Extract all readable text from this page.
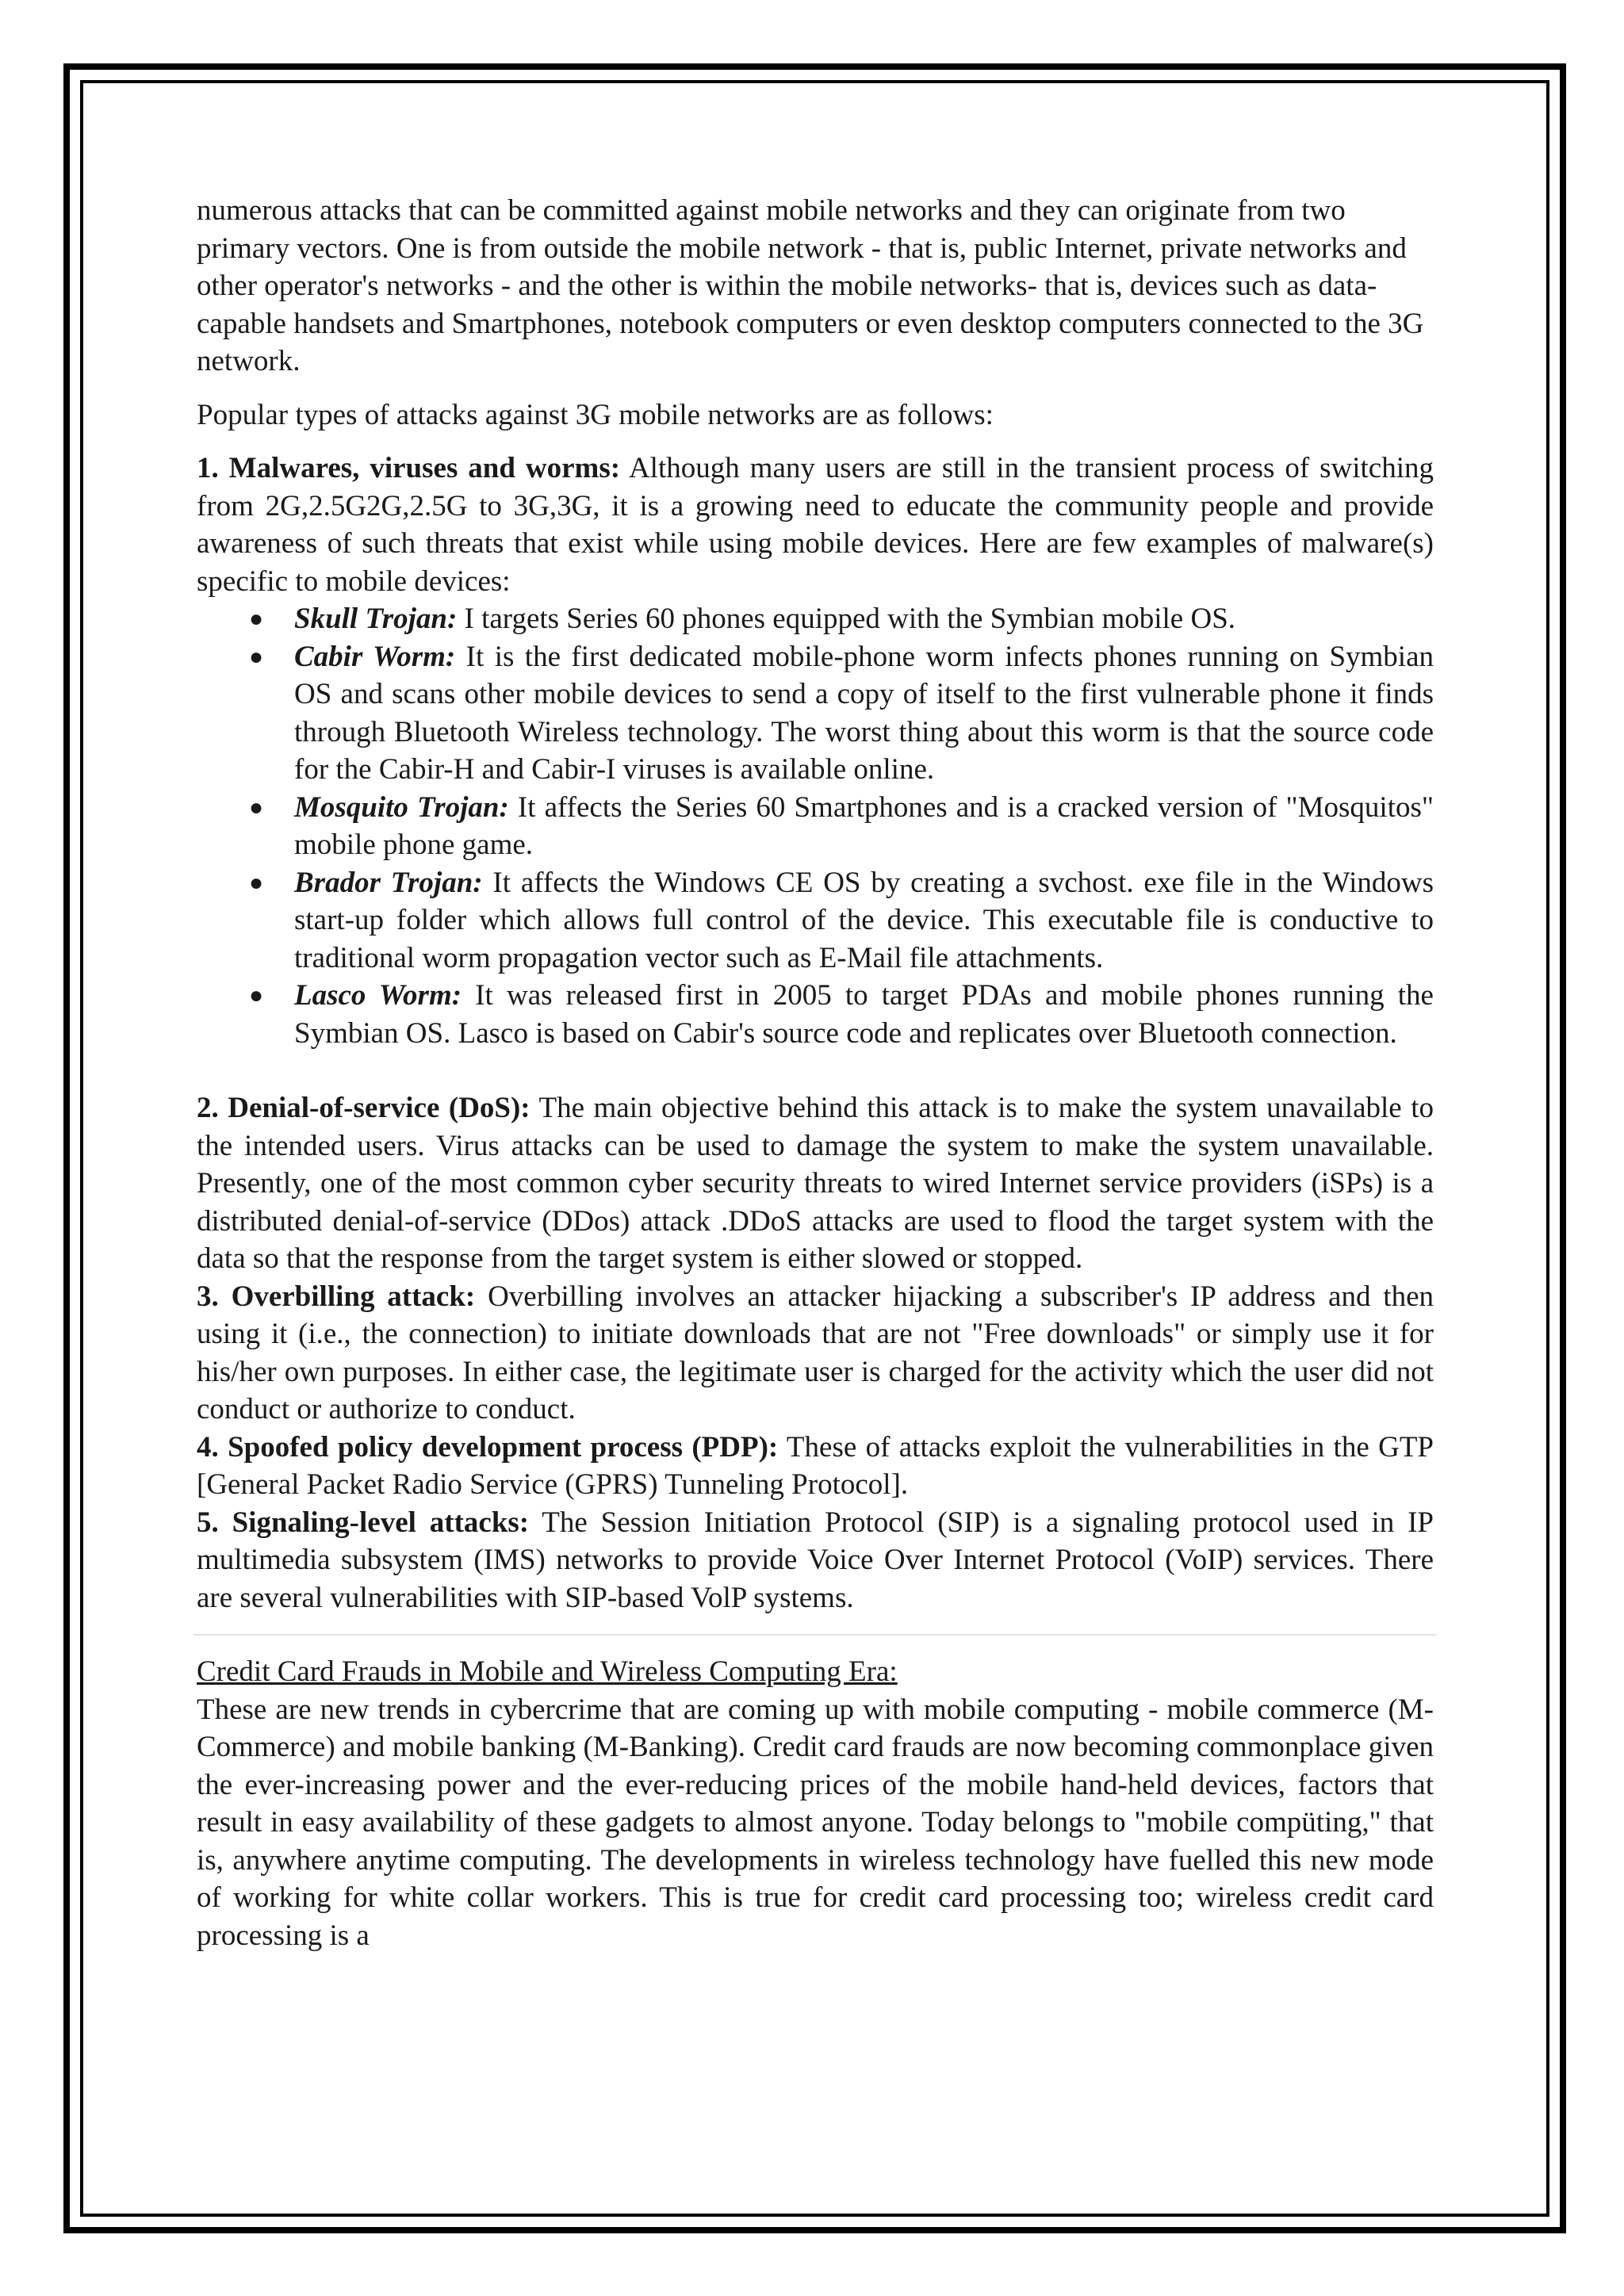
numerous attacks that can be committed against mobile networks and they can originate from two primary vectors. One is from outside the mobile network - that is, public Internet, private networks and other operator's networks - and the other is within the mobile networks- that is, devices such as data-capable handsets and Smartphones, notebook computers or even desktop computers connected to the 3G network.

Popular types of attacks against 3G mobile networks are as follows:

1. Malwares, viruses and worms: Although many users are still in the transient process of switching from 2G,2.5G2G,2.5G to 3G,3G, it is a growing need to educate the community people and provide awareness of such threats that exist while using mobile devices. Here are few examples of malware(s) specific to mobile devices:

● Skull Trojan: I targets Series 60 phones equipped with the Symbian mobile OS.
● Cabir Worm: It is the first dedicated mobile-phone worm infects phones running on Symbian OS and scans other mobile devices to send a copy of itself to the first vulnerable phone it finds through Bluetooth Wireless technology. The worst thing about this worm is that the source code for the Cabir-H and Cabir-I viruses is available online.
● Mosquito Trojan: It affects the Series 60 Smartphones and is a cracked version of "Mosquitos" mobile phone game.
● Brador Trojan: It affects the Windows CE OS by creating a svchost. exe file in the Windows start-up folder which allows full control of the device. This executable file is conductive to traditional worm propagation vector such as E-Mail file attachments.
● Lasco Worm: It was released first in 2005 to target PDAs and mobile phones running the Symbian OS. Lasco is based on Cabir's source code and replicates over Bluetooth connection.

2. Denial-of-service (DoS): The main objective behind this attack is to make the system unavailable to the intended users. Virus attacks can be used to damage the system to make the system unavailable. Presently, one of the most common cyber security threats to wired Internet service providers (iSPs) is a distributed denial-of-service (DDos) attack .DDoS attacks are used to flood the target system with the data so that the response from the target system is either slowed or stopped.

3. Overbilling attack: Overbilling involves an attacker hijacking a subscriber's IP address and then using it (i.e., the connection) to initiate downloads that are not "Free downloads" or simply use it for his/her own purposes. In either case, the legitimate user is charged for the activity which the user did not conduct or authorize to conduct.

4. Spoofed policy development process (PDP): These of attacks exploit the vulnerabilities in the GTP [General Packet Radio Service (GPRS) Tunneling Protocol].

5. Signaling-level attacks: The Session Initiation Protocol (SIP) is a signaling protocol used in IP multimedia subsystem (IMS) networks to provide Voice Over Internet Protocol (VoIP) services. There are several vulnerabilities with SIP-based VolP systems.

Credit Card Frauds in Mobile and Wireless Computing Era:

These are new trends in cybercrime that are coming up with mobile computing - mobile commerce (M-Commerce) and mobile banking (M-Banking). Credit card frauds are now becoming commonplace given the ever-increasing power and the ever-reducing prices of the mobile hand-held devices, factors that result in easy availability of these gadgets to almost anyone. Today belongs to "mobile compüting," that is, anywhere anytime computing. The developments in wireless technology have fuelled this new mode of working for white collar workers. This is true for credit card processing too; wireless credit card processing is a
